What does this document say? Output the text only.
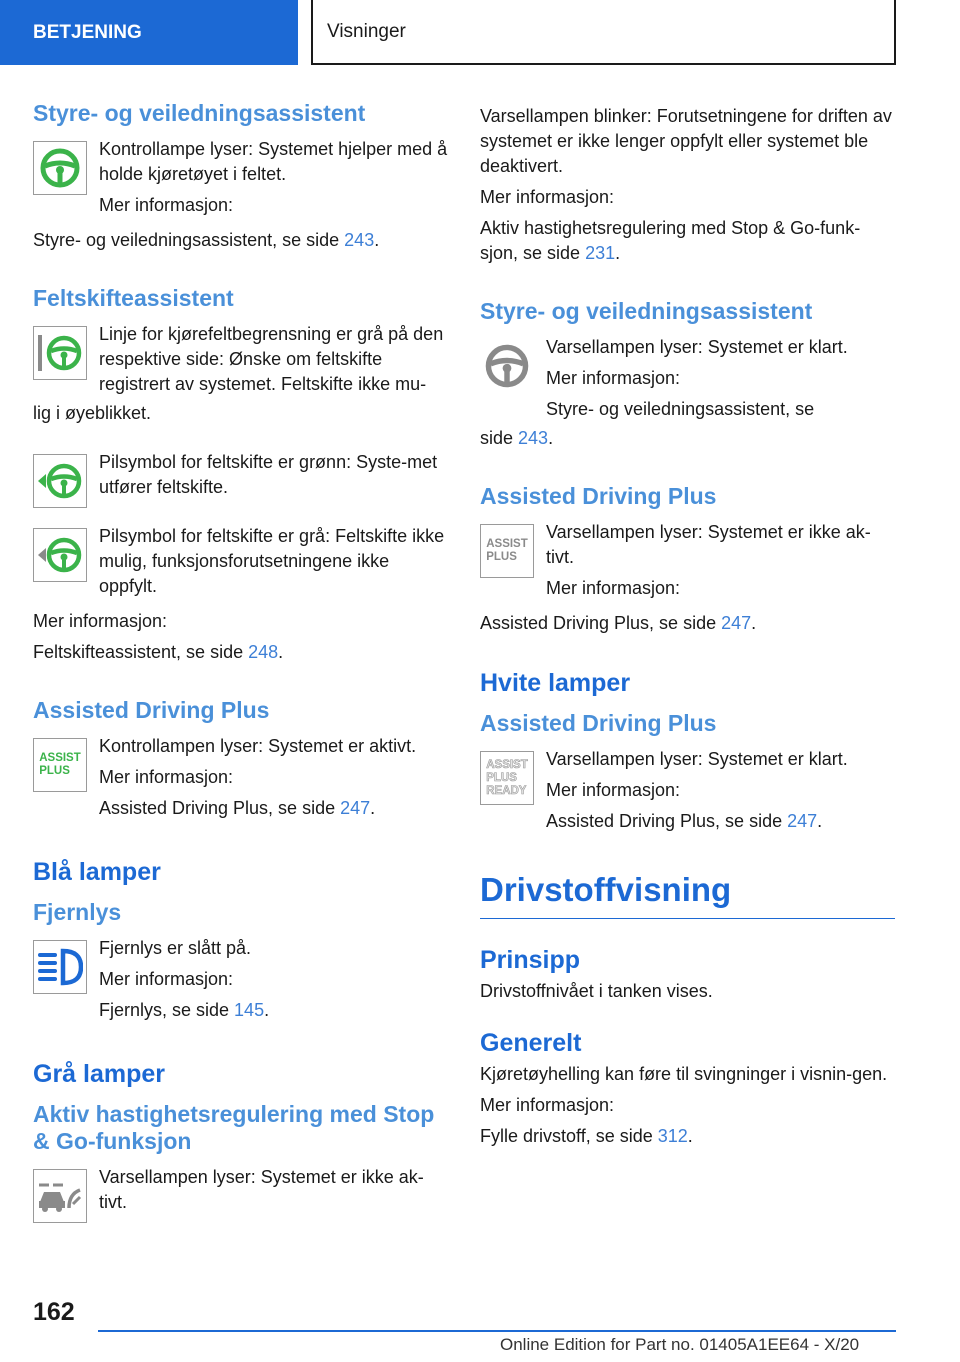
BETJENING	Visninger
Styre- og veiledningsassistent

Kontrollampe lyser: Systemet hjelper med å holde kjøretøyet i feltet.

Mer informasjon:

Styre- og veiledningsassistent, se side 243.

Feltskifteassistent

Linje for kjørefeltbegrensning er grå på den respektive side: Ønske om feltskifte registrert av systemet. Feltskifte ikke mu-

lig i øyeblikket.

Pilsymbol for feltskifte er grønn: Syste-met utfører feltskifte.

Pilsymbol for feltskifte er grå: Feltskifte ikke mulig, funksjonsforutsetningene ikke oppfylt.

Mer informasjon:

Feltskifteassistent, se side 248.

Assisted Driving Plus
ASSIST
PLUS

Kontrollampen lyser: Systemet er aktivt.

Mer informasjon:

Assisted Driving Plus, se side 247.

Blå lamper
Fjernlys

Fjernlys er slått på.

Mer informasjon:

Fjernlys, se side 145.

Grå lamper
Aktiv hastighetsregulering med Stop & Go-funksjon

Varsellampen lyser: Systemet er ikke ak-tivt.

Varsellampen blinker: Forutsetningene for driften av systemet er ikke lenger oppfylt eller systemet ble deaktivert.

Mer informasjon:

Aktiv hastighetsregulering med Stop & Go-funk-sjon, se side 231.

Styre- og veiledningsassistent

Varsellampen lyser: Systemet er klart.

Mer informasjon:

Styre- og veiledningsassistent, se

side 243.

Assisted Driving Plus
ASSIST
PLUS

Varsellampen lyser: Systemet er ikke ak-tivt.

Mer informasjon:

Assisted Driving Plus, se side 247.

Hvite lamper
Assisted Driving Plus
ASSIST
PLUS
READY

Varsellampen lyser: Systemet er klart.

Mer informasjon:

Assisted Driving Plus, se side 247.

Drivstoffvisning
Prinsipp

Drivstoffnivået i tanken vises.

Generelt

Kjøretøyhelling kan føre til svingninger i visnin-gen.

Mer informasjon:

Fylle drivstoff, se side 312.

162
Online Edition for Part no. 01405A1EE64 - X/20
